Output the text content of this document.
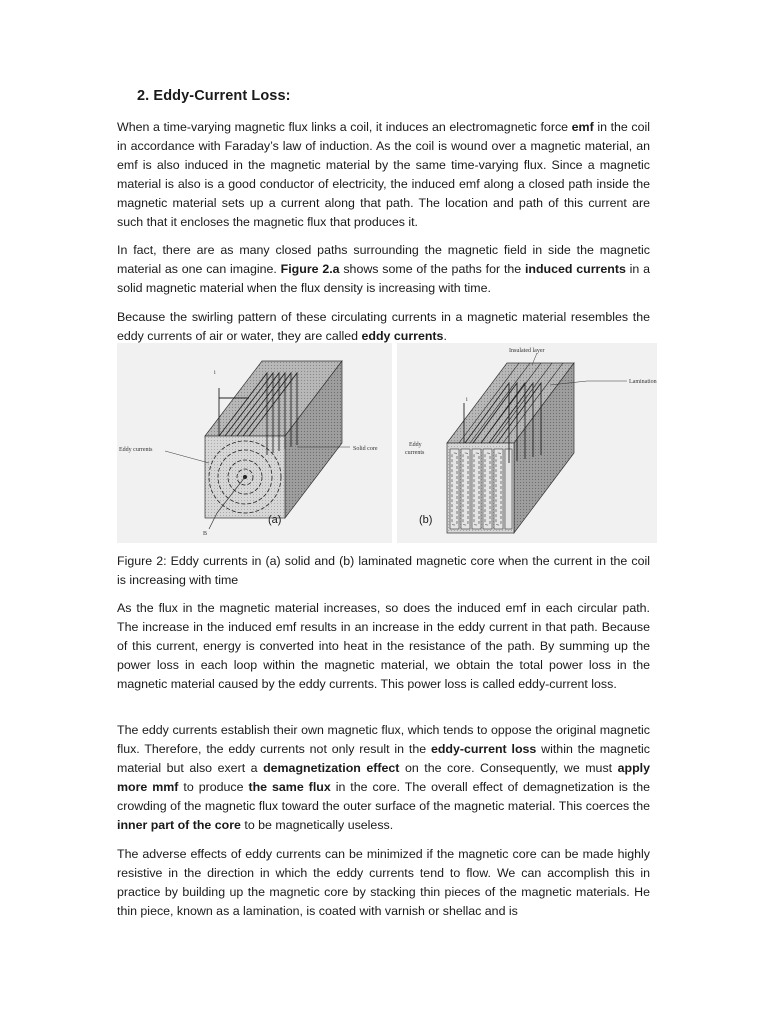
2. Eddy-Current Loss:

When a time-varying magnetic flux links a coil, it induces an electromagnetic force emf in the coil in accordance with Faraday’s law of induction. As the coil is wound over a magnetic material, an emf is also induced in the magnetic material by the same time-varying flux. Since a magnetic material is also is a good conductor of electricity, the induced emf along a closed path inside the magnetic material sets up a current along that path. The location and path of this current are such that it encloses the magnetic flux that produces it.

In fact, there are as many closed paths surrounding the magnetic field in side the magnetic material as one can imagine. Figure 2.a shows some of the paths for the induced currents in a solid magnetic material when the flux density is increasing with time.

Because the swirling pattern of these circulating currents in a magnetic material resembles the eddy currents of air or water, they are called eddy currents.

Eddy currents	Solid core
i
B
(a)
Insulated layer
Lamination
Eddy
currents
i
(b)

Figure 2: Eddy currents in (a) solid and (b) laminated magnetic core when the current in the coil is increasing with time

As the flux in the magnetic material increases, so does the induced emf in each circular path. The increase in the induced emf results in an increase in the eddy current in that path. Because of this current, energy is converted into heat in the resistance of the path. By summing up the power loss in each loop within the magnetic material, we obtain the total power loss in the magnetic material caused by the eddy currents. This power loss is called eddy-current loss.

The eddy currents establish their own magnetic flux, which tends to oppose the original magnetic flux. Therefore, the eddy currents not only result in the eddy-current loss within the magnetic material but also exert a demagnetization effect on the core. Consequently, we must apply more mmf to produce the same flux in the core. The overall effect of demagnetization is the crowding of the magnetic flux toward the outer surface of the magnetic material. This coerces the inner part of the core to be magnetically useless.

The adverse effects of eddy currents can be minimized if the magnetic core can be made highly resistive in the direction in which the eddy currents tend to flow. We can accomplish this in practice by building up the magnetic core by stacking thin pieces of the magnetic materials. He thin piece, known as a lamination, is coated with varnish or shellac and is
